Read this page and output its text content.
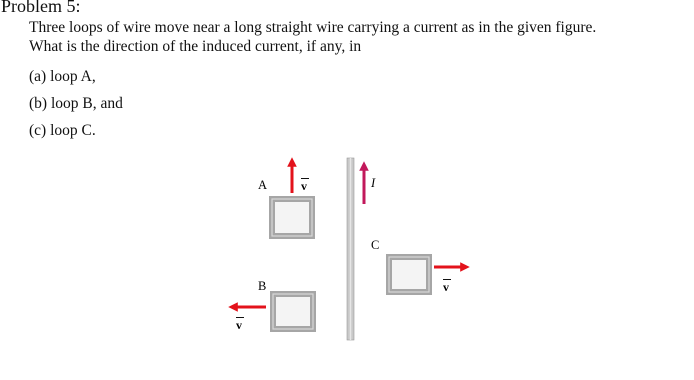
Problem 5:
Three loops of wire move near a long straight wire carrying a current as in the given figure.
What is the direction of the induced current, if any, in
(a) loop A,
(b) loop B, and
(c) loop C.
I
A	v
B
v
C
v
